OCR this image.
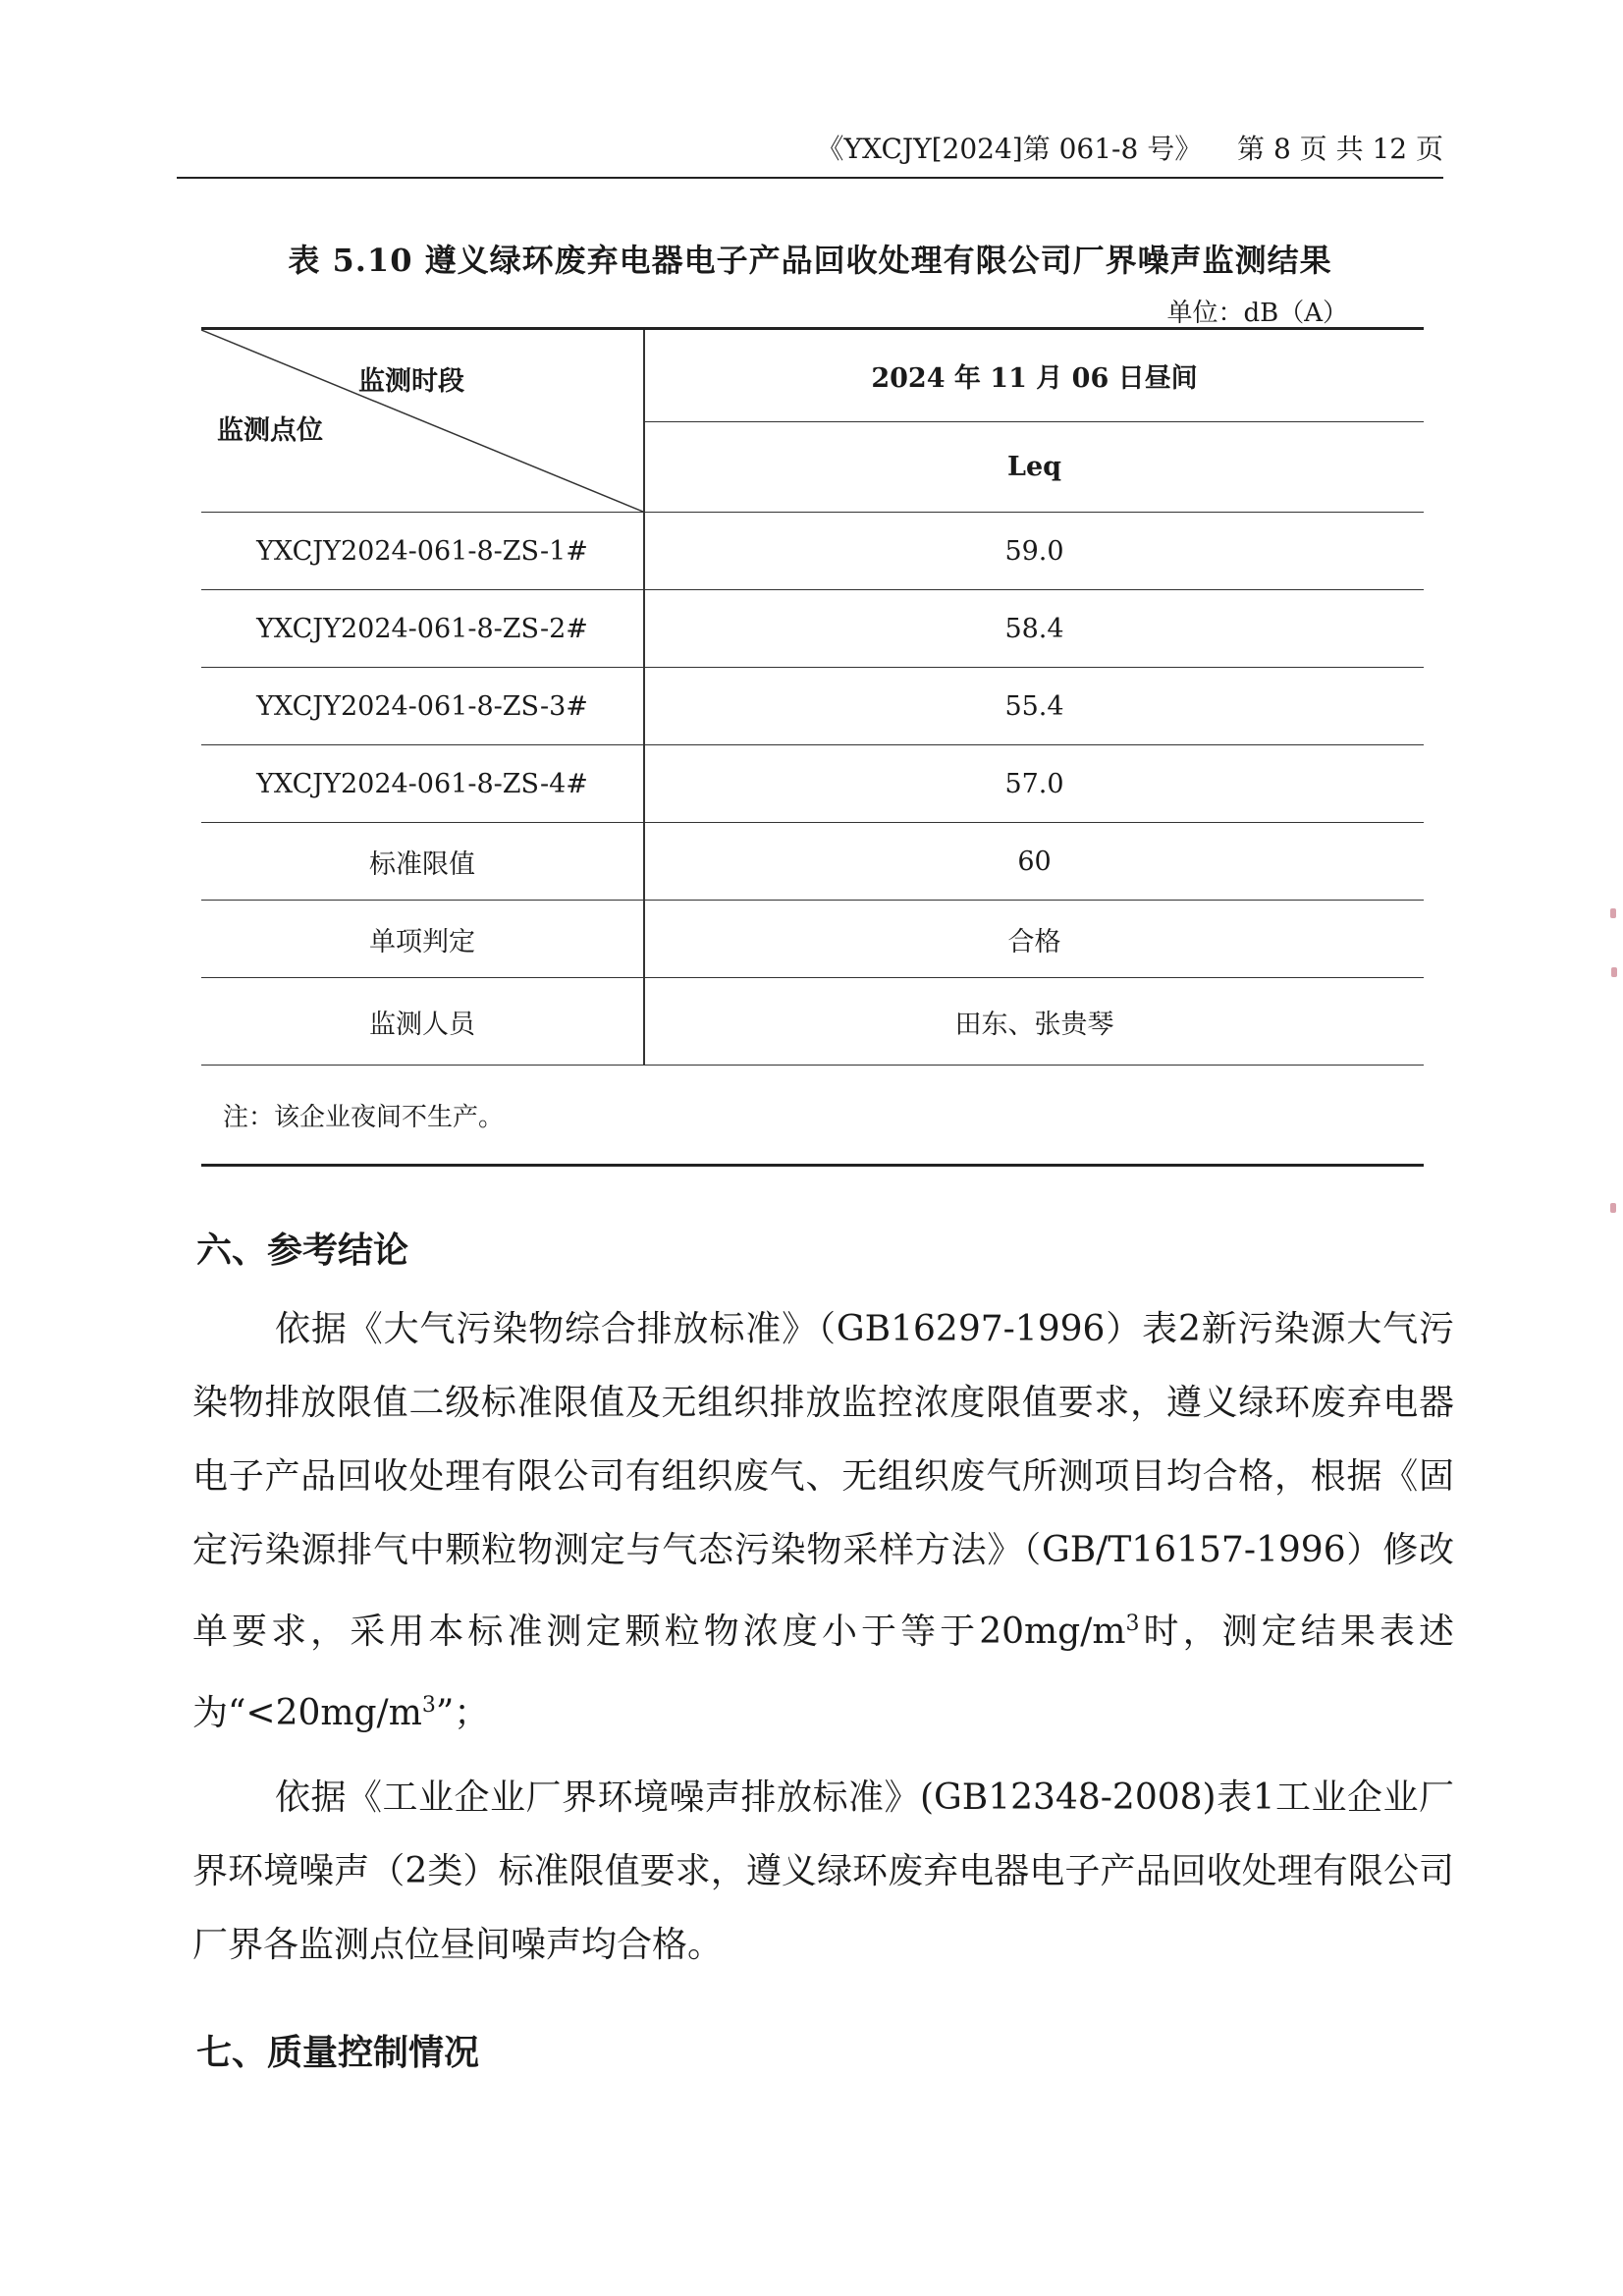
《YXCJY[2024]第 061-8 号》 第 8 页 共 12 页
表 5.10 遵义绿环废弃电器电子产品回收处理有限公司厂界噪声监测结果
单位：dB（A）
监测时段
监测点位	2024 年 11 月 06 日昼间
	Leq
YXCJY2024-061-8-ZS-1#	59.0
YXCJY2024-061-8-ZS-2#	58.4
YXCJY2024-061-8-ZS-3#	55.4
YXCJY2024-061-8-ZS-4#	57.0
标准限值	60
单项判定	合格
监测人员	田东、张贵琴
注：该企业夜间不生产。	
六、参考结论

依据《大气污染物综合排放标准》（GB16297-1996）表2新污染源大气污染物排放限值二级标准限值及无组织排放监控浓度限值要求，遵义绿环废弃电器电子产品回收处理有限公司有组织废气、无组织废气所测项目均合格，根据《固定污染源排气中颗粒物测定与气态污染物采样方法》（GB/T16157-1996）修改单要求，采用本标准测定颗粒物浓度小于等于$20mg/m^3$时，测定结果表述为“$<20mg/m^3$”；

依据《工业企业厂界环境噪声排放标准》(GB12348-2008)表1工业企业厂界环境噪声（2类）标准限值要求，遵义绿环废弃电器电子产品回收处理有限公司厂界各监测点位昼间噪声均合格。

七、质量控制情况
